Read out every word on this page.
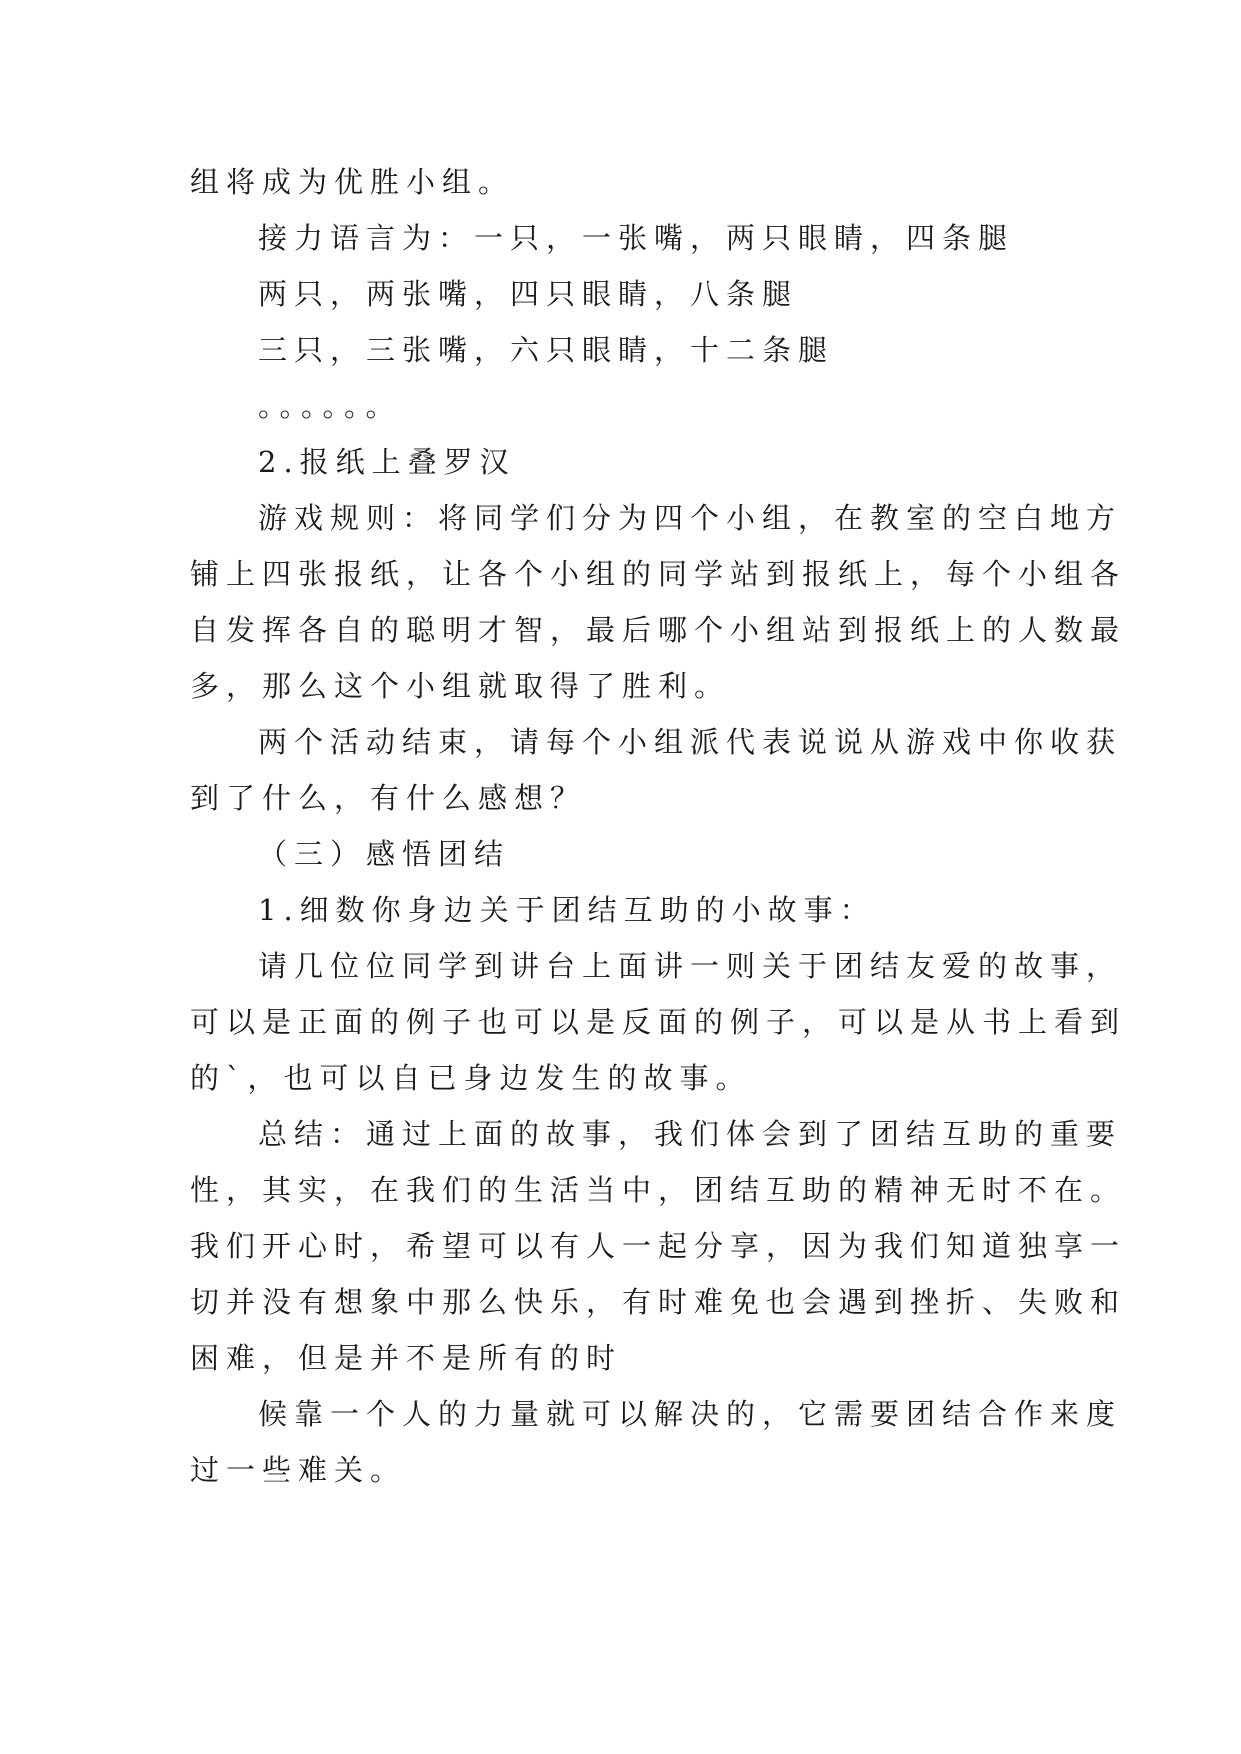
组将成为优胜小组。

接力语言为：一只，一张嘴，两只眼睛，四条腿

两只，两张嘴，四只眼睛，八条腿

三只，三张嘴，六只眼睛，十二条腿

。。。。。。

2.报纸上叠罗汉

游戏规则：将同学们分为四个小组，在教室的空白地方

铺上四张报纸，让各个小组的同学站到报纸上，每个小组各

自发挥各自的聪明才智，最后哪个小组站到报纸上的人数最

多，那么这个小组就取得了胜利。

两个活动结束，请每个小组派代表说说从游戏中你收获

到了什么，有什么感想？

（三）感悟团结

1.细数你身边关于团结互助的小故事：

请几位位同学到讲台上面讲一则关于团结友爱的故事，

可以是正面的例子也可以是反面的例子，可以是从书上看到

的`，也可以自已身边发生的故事。

总结：通过上面的故事，我们体会到了团结互助的重要

性，其实，在我们的生活当中，团结互助的精神无时不在。

我们开心时，希望可以有人一起分享，因为我们知道独享一

切并没有想象中那么快乐，有时难免也会遇到挫折、失败和

困难，但是并不是所有的时

候靠一个人的力量就可以解决的，它需要团结合作来度

过一些难关。
